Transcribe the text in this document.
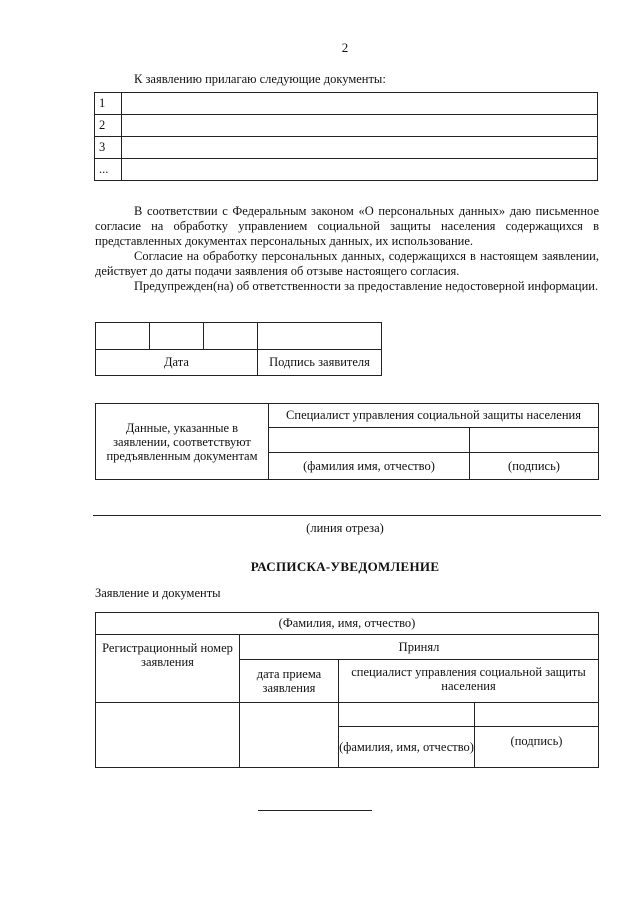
2
К заявлению прилагаю следующие документы:
1	
2	
3	
...	

В соответствии с Федеральным законом «О персональных данных» даю письменное согласие на обработку управлением социальной защиты населения содержащихся в представленных документах персональных данных, их использование.

Согласие на обработку персональных данных, содержащихся в настоящем заявлении, действует до даты подачи заявления об отзыве настоящего согласия.

Предупрежден(на) об ответственности за предоставление недостоверной информации.

Дата			Подпись заявителя
Данные, указанные в заявлении, соответствуют предъявленным документам	Специалист управления социальной защиты населения	

	(фамилия имя, отчество)	(подпись)
(линия отреза)
РАСПИСКА-УВЕДОМЛЕНИЕ
Заявление и документы
(Фамилия, имя, отчество)			
Регистрационный номер заявления	Принял		
	дата приема заявления	специалист управления социальной защиты населения	

		(фамилия, имя, отчество)	(подпись)
